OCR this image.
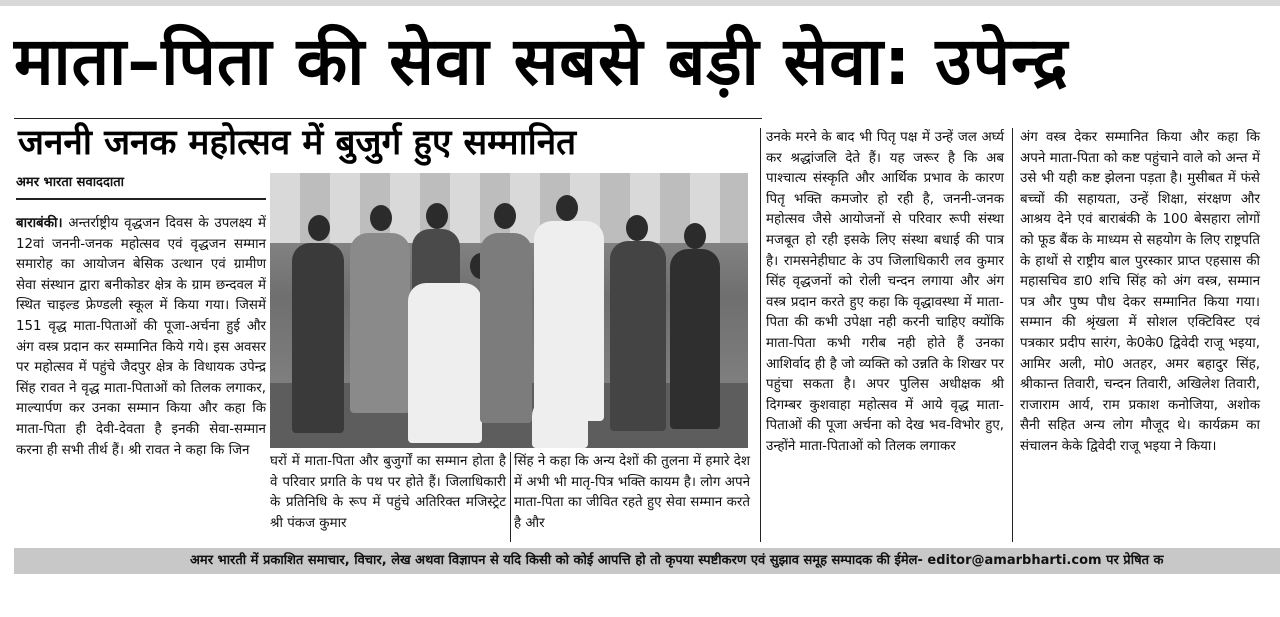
माता–पिता की सेवा सबसे बड़ी सेवा: उपेन्द्र
जननी जनक महोत्सव में बुजुर्ग हुए सम्मानित
अमर भारता सवाददाता

बाराबंकी। अन्तर्राष्ट्रीय वृद्धजन दिवस के उपलक्ष्य में 12वां जननी-जनक महोत्सव एवं वृद्धजन सम्मान समारोह का आयोजन बेसिक उत्थान एवं ग्रामीण सेवा संस्थान द्वारा बनीकोडर क्षेत्र के ग्राम छन्दवल में स्थित चाइल्ड फ्रेण्डली स्कूल में किया गया। जिसमें 151 वृद्ध माता-पिताओं की पूजा-अर्चना हुई और अंग वस्त्र प्रदान कर सम्मानित किये गये। इस अवसर पर महोत्सव में पहुंचे जैदपुर क्षेत्र के विधायक उपेन्द्र सिंह रावत ने वृद्ध माता-पिताओं को तिलक लगाकर, माल्यार्पण कर उनका सम्मान किया और कहा कि माता-पिता ही देवी-देवता है इनकी सेवा-सम्मान करना ही सभी तीर्थ हैं। श्री रावत ने कहा कि जिन

घरों में माता-पिता और बुजुर्गों का सम्मान होता है वे परिवार प्रगति के पथ पर होते हैं। जिलाधिकारी के प्रतिनिधि के रूप में पहुंचे अतिरिक्त मजिस्ट्रेट श्री पंकज कुमार

सिंह ने कहा कि अन्य देशों की तुलना में हमारे देश में अभी भी मातृ-पित्र भक्ति कायम है। लोग अपने माता-पिता का जीवित रहते हुए सेवा सम्मान करते है और

उनके मरने के बाद भी पितृ पक्ष में उन्हें जल अर्घ्य कर श्रद्धांजलि देते हैं। यह जरूर है कि अब पाश्चात्य संस्कृति और आर्थिक प्रभाव के कारण पितृ भक्ति कमजोर हो रही है, जननी-जनक महोत्सव जैसे आयोजनों से परिवार रूपी संस्था मजबूत हो रही इसके लिए संस्था बधाई की पात्र है। रामसनेहीघाट के उप जिलाधिकारी लव कुमार सिंह वृद्धजनों को रोली चन्दन लगाया और अंग वस्त्र प्रदान करते हुए कहा कि वृद्धावस्था में माता-पिता की कभी उपेक्षा नही करनी चाहिए क्योंकि माता-पिता कभी गरीब नही होते हैं उनका आशिर्वाद ही है जो व्यक्ति को उन्नति के शिखर पर पहुंचा सकता है। अपर पुलिस अधीक्षक श्री दिगम्बर कुशवाहा महोत्सव में आये वृद्ध माता-पिताओं की पूजा अर्चना को देख भव-विभोर हुए, उन्होंने माता-पिताओं को तिलक लगाकर

अंग वस्त्र देकर सम्मानित किया और कहा कि अपने माता-पिता को कष्ट पहुंचाने वाले को अन्त में उसे भी यही कष्ट झेलना पड़ता है। मुसीबत में फंसे बच्चों की सहायता, उन्हें शिक्षा, संरक्षण और आश्रय देने एवं बाराबंकी के 100 बेसहारा लोगों को फूड बैंक के माध्यम से सहयोग के लिए राष्ट्रपति के हाथों से राष्ट्रीय बाल पुरस्कार प्राप्त एहसास की महासचिव डा0 शचि सिंह को अंग वस्त्र, सम्मान पत्र और पुष्प पौध देकर सम्मानित किया गया। सम्मान की श्रृंखला में सोशल एक्टिविस्ट एवं पत्रकार प्रदीप सारंग, के0के0 द्विवेदी राजू भइया, आमिर अली, मो0 अतहर, अमर बहादुर सिंह, श्रीकान्त तिवारी, चन्दन तिवारी, अखिलेश तिवारी, राजाराम आर्य, राम प्रकाश कनोजिया, अशोक सैनी सहित अन्य लोग मौजूद थे। कार्यक्रम का संचालन केके द्विवेदी राजू भइया ने किया।

अमर भारती में प्रकाशित समाचार, विचार, लेख अथवा विज्ञापन से यदि किसी को कोई आपत्ति हो तो कृपया स्पष्टीकरण एवं सुझाव समूह सम्पादक की ईमेल- editor@amarbharti.com पर प्रेषित क
